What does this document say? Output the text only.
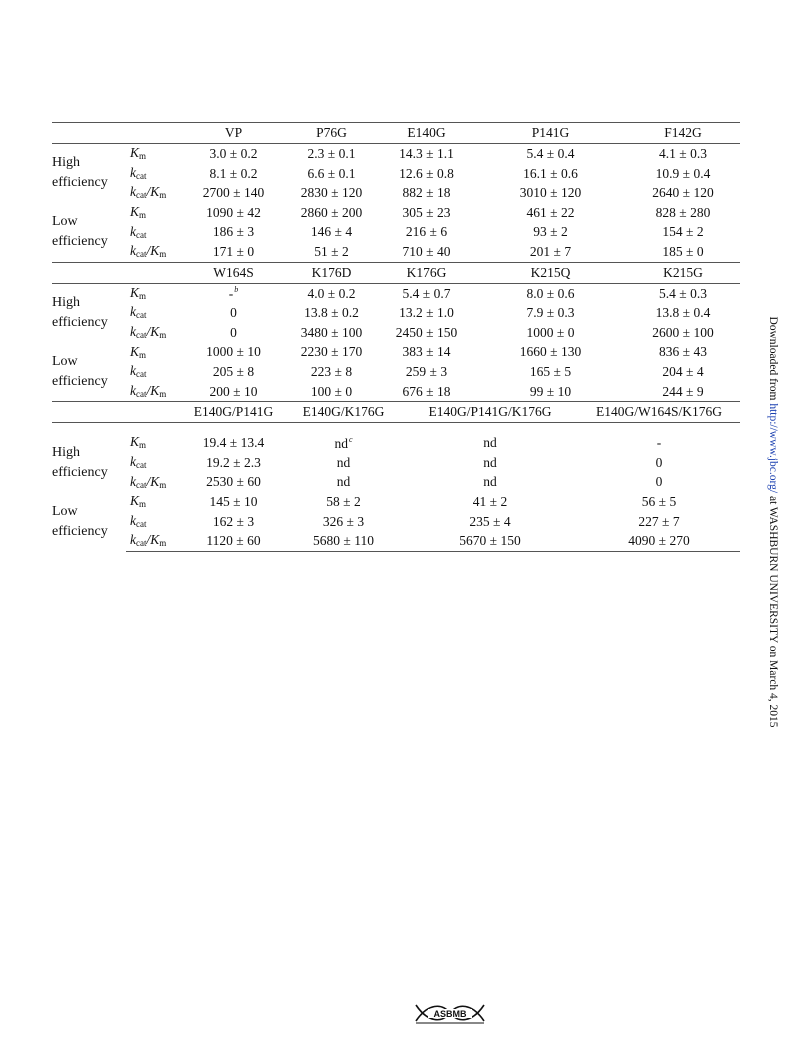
		VP	P76G	E140G		P141G		F142G
High efficiency	$K_m$	3.0 ± 0.2	2.3 ± 0.1	14.3 ± 1.1		5.4 ± 0.4		4.1 ± 0.3
	$k_{cat}$	8.1 ± 0.2	6.6 ± 0.1	12.6 ± 0.8		16.1 ± 0.6		10.9 ± 0.4
	$k_{cat}/K_m$	2700 ± 140	2830 ± 120	882 ± 18		3010 ± 120		2640 ± 120
Low efficiency	$K_m$	1090 ± 42	2860 ± 200	305 ± 23		461 ± 22		828 ± 280
	$k_{cat}$	186 ± 3	146 ± 4	216 ± 6		93 ± 2		154 ± 2
	$k_{cat}/K_m$	171 ± 0	51 ± 2	710 ± 40		201 ± 7		185 ± 0
		W164S	K176D	K176G		K215Q		K215G
High efficiency	$K_m$	-$^b$	4.0 ± 0.2	5.4 ± 0.7		8.0 ± 0.6		5.4 ± 0.3
	$k_{cat}$	0	13.8 ± 0.2	13.2 ± 1.0		7.9 ± 0.3		13.8 ± 0.4
	$k_{cat}/K_m$	0	3480 ± 100	2450 ± 150		1000 ± 0		2600 ± 100
Low efficiency	$K_m$	1000 ± 10	2230 ± 170	383 ± 14		1660 ± 130		836 ± 43
	$k_{cat}$	205 ± 8	223 ± 8	259 ± 3		165 ± 5		204 ± 4
	$k_{cat}/K_m$	200 ± 10	100 ± 0	676 ± 18		99 ± 10		244 ± 9
		E140G/P141G	E140G/K176G		E140G/P141G/K176G		E140G/W164S/K176G	

High efficiency	$K_m$	19.4 ± 13.4	$nd^c$		nd		-	
	$k_{cat}$	19.2 ± 2.3	nd		nd		0	
	$k_{cat}/K_m$	2530 ± 60	nd		nd		0	
Low efficiency	$K_m$	145 ± 10	58 ± 2		41 ± 2		56 ± 5	
	$k_{cat}$	162 ± 3	326 ± 3		235 ± 4		227 ± 7	
	$k_{cat}/K_m$	1120 ± 60	5680 ± 110		5670 ± 150		4090 ± 270	
Downloaded from http://www.jbc.org/ at WASHBURN UNIVERSITY on March 4, 2015
ASBMB
